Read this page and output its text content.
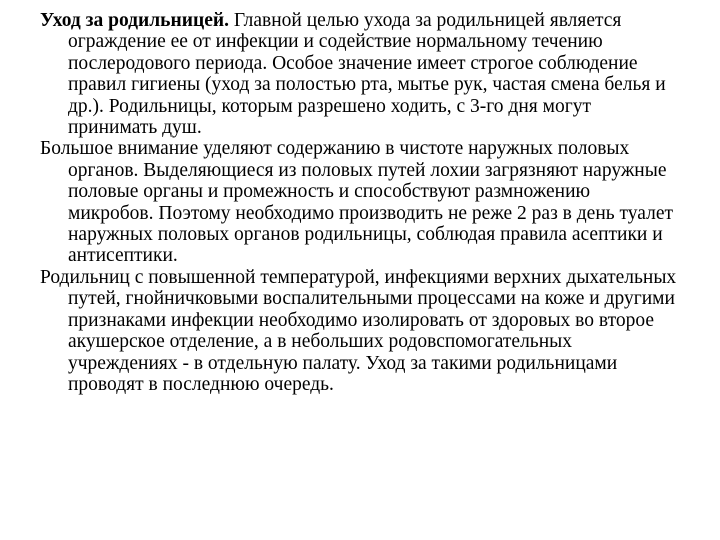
Уход за родильницей. Главной целью ухода за родильницей является ограждение ее от инфекции и содействие нормальному течению послеродового периода. Особое значение имеет строгое соблюдение правил гигиены (уход за полостью рта, мытье рук, частая смена белья и др.). Родильницы, которым разрешено ходить, с 3-го дня могут принимать душ.

Большое внимание уделяют содержанию в чистоте наружных половых органов. Выделяющиеся из половых путей лохии загрязняют наружные половые органы и промежность и способствуют размножению микробов. Поэтому необходимо производить не реже 2 раз в день туалет наружных половых органов родильницы, соблюдая правила асептики и антисептики.

Родильниц с повышенной температурой, инфекциями верхних дыхательных путей, гнойничковыми воспалительными процессами на коже и другими признаками инфекции необходимо изолировать от здоровых во второе акушерское отделение, а в небольших родовспомогательных учреждениях - в отдельную палату. Уход за такими родильницами проводят в последнюю очередь.
